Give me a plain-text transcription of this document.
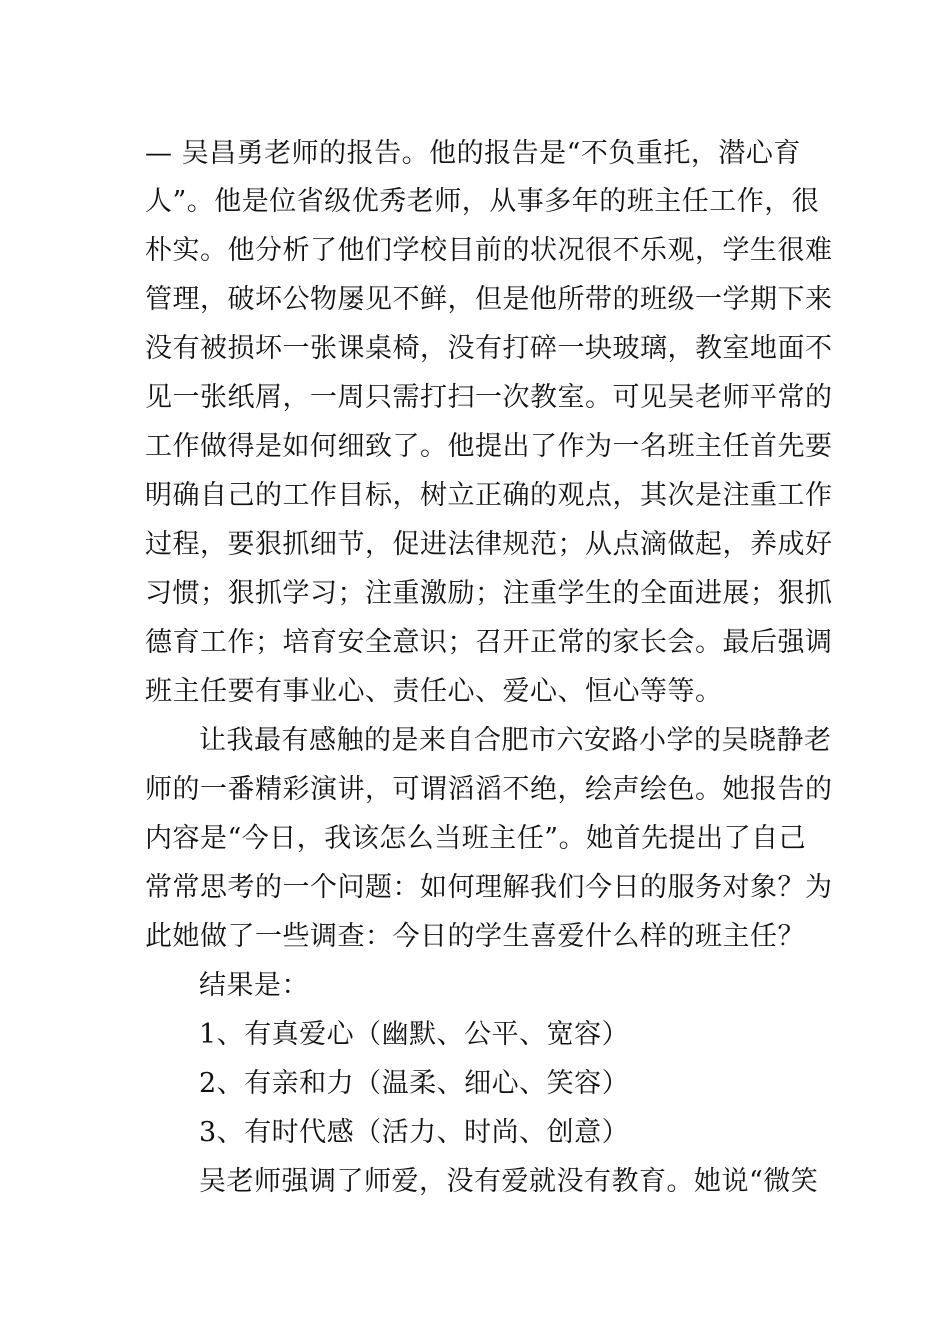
— 吴昌勇老师的报告。他的报告是“不负重托，潜心育
人”。他是位省级优秀老师，从事多年的班主任工作，很
朴实。他分析了他们学校目前的状况很不乐观，学生很难
管理，破坏公物屡见不鲜，但是他所带的班级一学期下来
没有被损坏一张课桌椅，没有打碎一块玻璃，教室地面不
见一张纸屑，一周只需打扫一次教室。可见吴老师平常的
工作做得是如何细致了。他提出了作为一名班主任首先要
明确自己的工作目标，树立正确的观点，其次是注重工作
过程，要狠抓细节，促进法律规范；从点滴做起，养成好
习惯；狠抓学习；注重激励；注重学生的全面进展；狠抓
德育工作；培育安全意识；召开正常的家长会。最后强调
班主任要有事业心、责任心、爱心、恒心等等。
让我最有感触的是来自合肥市六安路小学的吴晓静老
师的一番精彩演讲，可谓滔滔不绝，绘声绘色。她报告的
内容是“今日，我该怎么当班主任”。她首先提出了自己
常常思考的一个问题：如何理解我们今日的服务对象？为
此她做了一些调查：今日的学生喜爱什么样的班主任？
结果是：
1、有真爱心（幽默、公平、宽容）
2、有亲和力（温柔、细心、笑容）
3、有时代感（活力、时尚、创意）
吴老师强调了师爱，没有爱就没有教育。她说“微笑
